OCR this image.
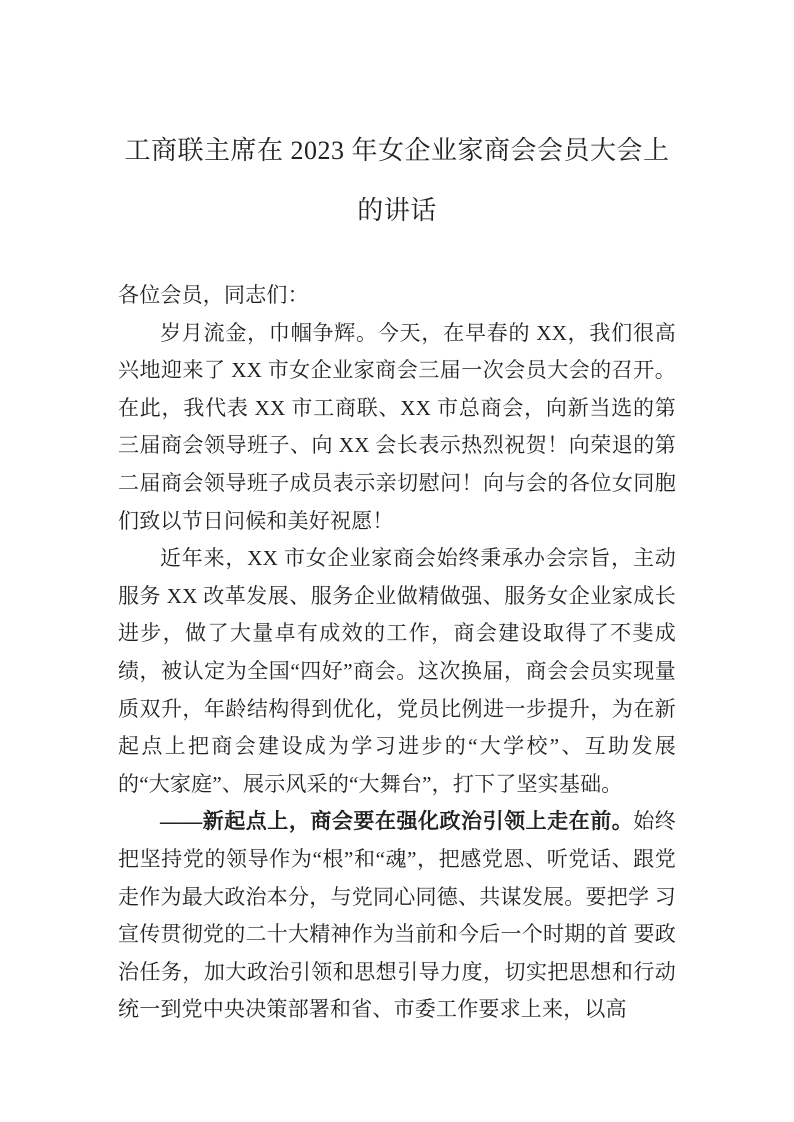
工商联主席在 2023 年女企业家商会会员大会上的讲话

各位会员，同志们：

岁月流金，巾帼争辉。今天，在早春的 XX，我们很高兴地迎来了 XX 市女企业家商会三届一次会员大会的召开。在此，我代表 XX 市工商联、XX 市总商会，向新当选的第三届商会领导班子、向 XX 会长表示热烈祝贺！向荣退的第二届商会领导班子成员表示亲切慰问！向与会的各位女同胞们致以节日问候和美好祝愿！

近年来，XX 市女企业家商会始终秉承办会宗旨，主动服务 XX 改革发展、服务企业做精做强、服务女企业家成长进步，做了大量卓有成效的工作，商会建设取得了不斐成绩，被认定为全国“四好”商会。这次换届，商会会员实现量质双升，年龄结构得到优化，党员比例进一步提升，为在新起点上把商会建设成为学习进步的“大学校”、互助发展的“大家庭”、展示风采的“大舞台”，打下了坚实基础。

——新起点上，商会要在强化政治引领上走在前。始终把坚持党的领导作为“根”和“魂”，把感党恩、听党话、跟党走作为最大政治本分，与党同心同德、共谋发展。要把学 习宣传贯彻党的二十大精神作为当前和今后一个时期的首 要政治任务，加大政治引领和思想引导力度，切实把思想和行动统一到党中央决策部署和省、市委工作要求上来，以高
